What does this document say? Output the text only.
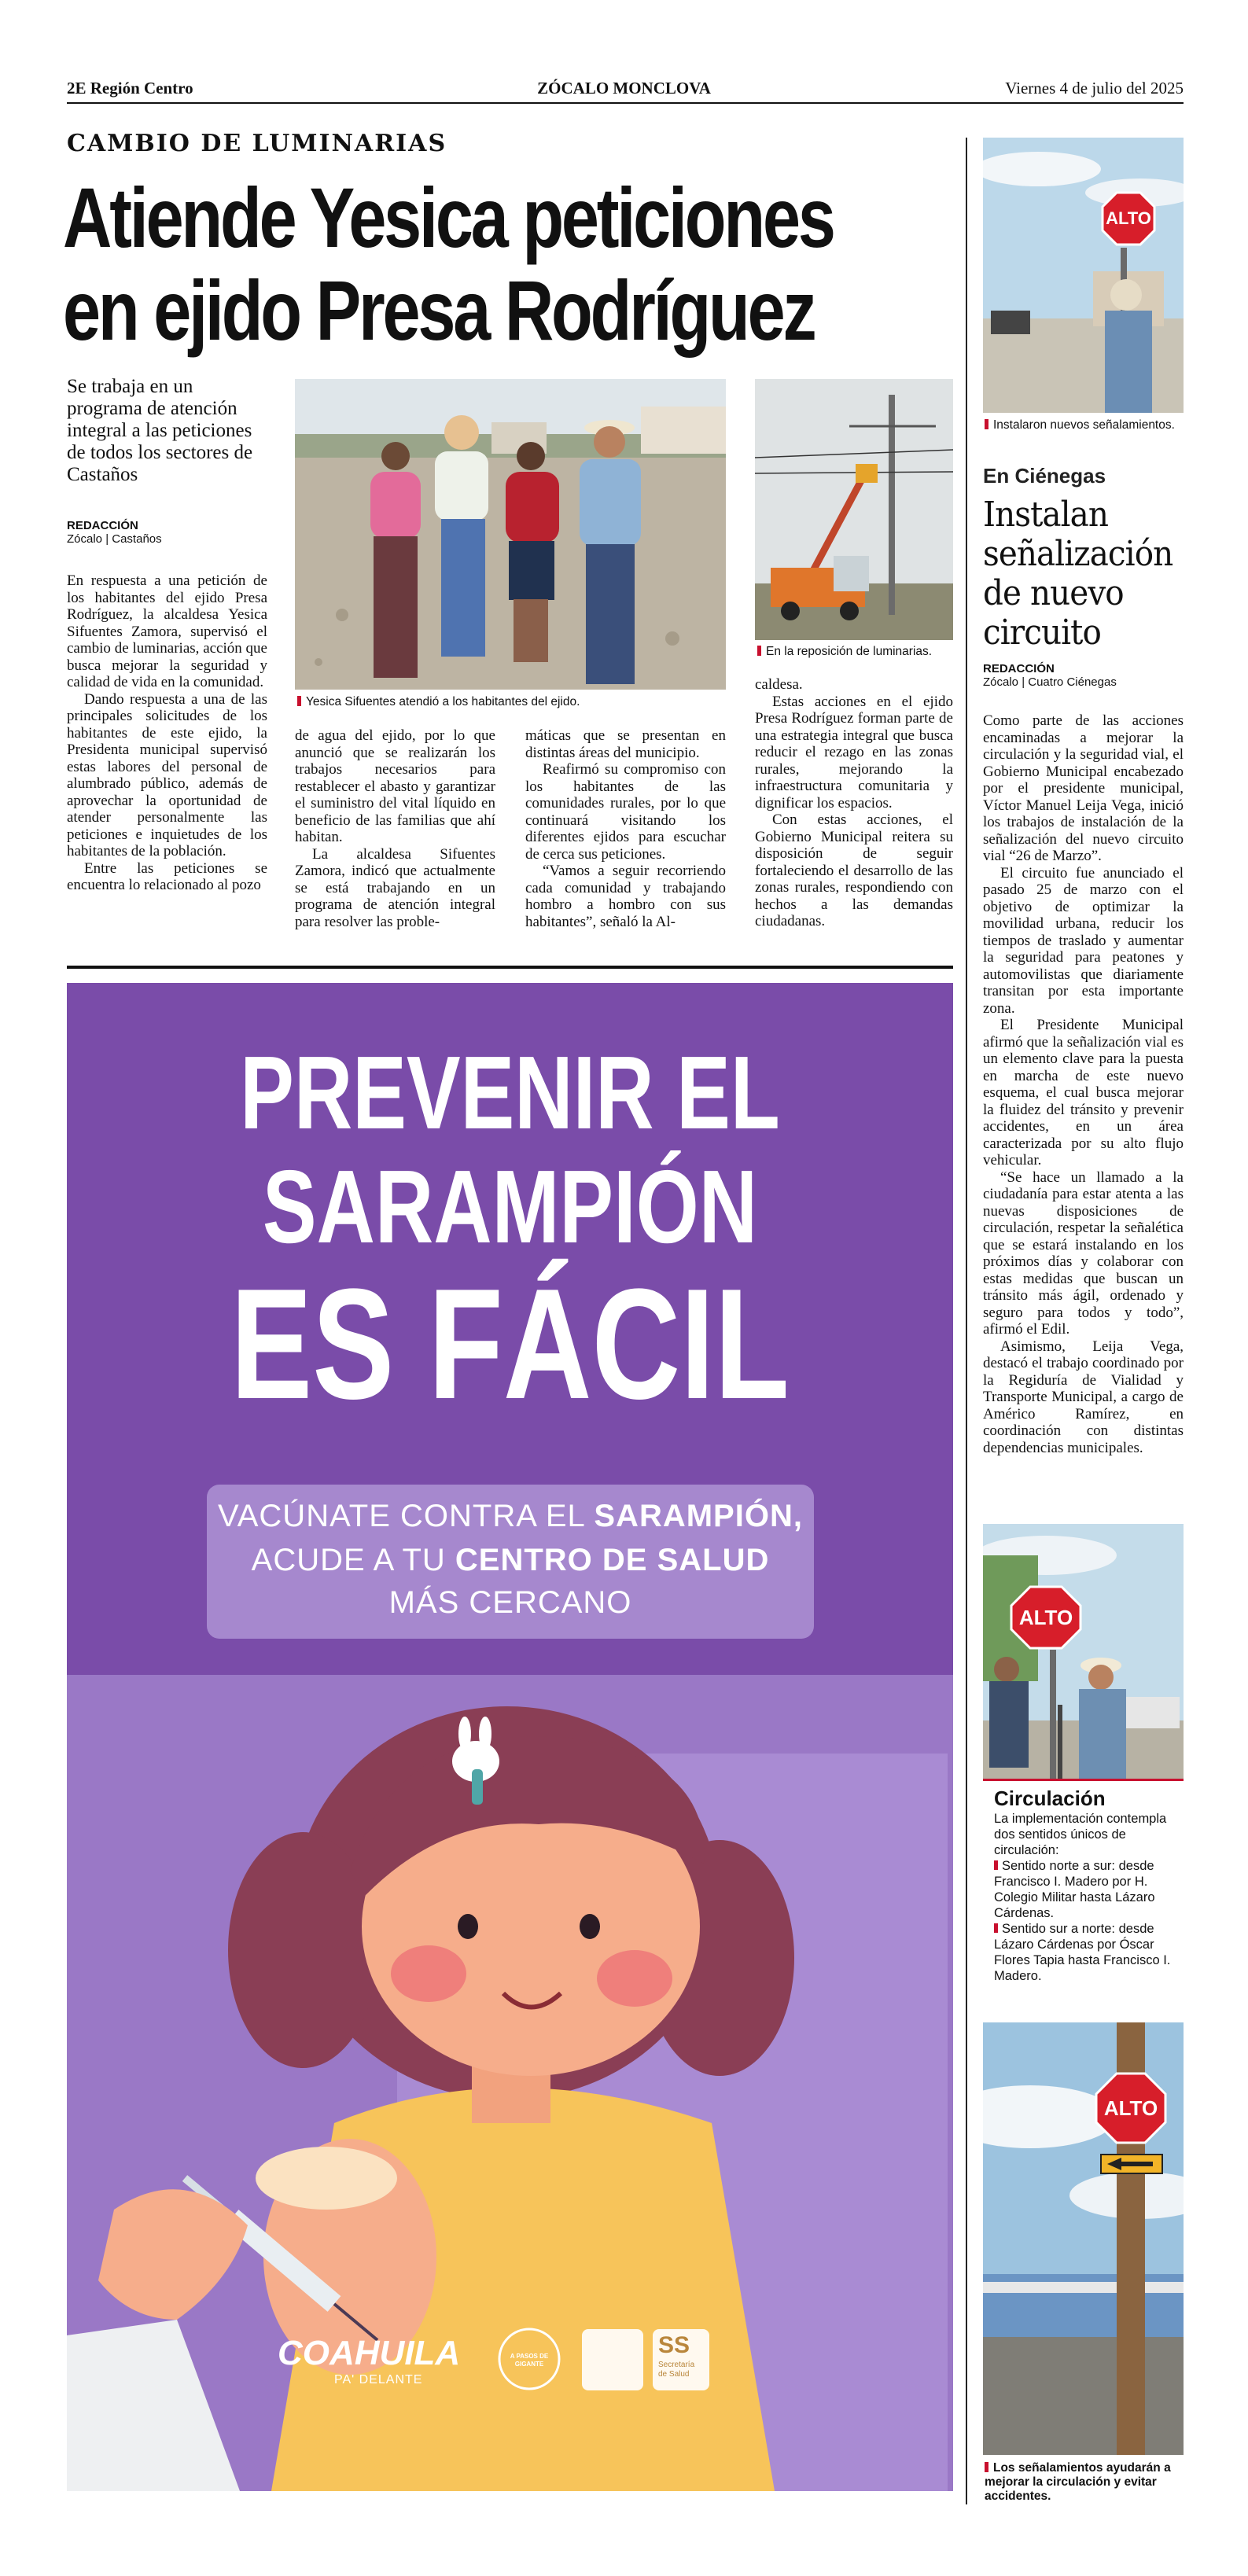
2E Región Centro	ZÓCALO MONCLOVA	Viernes 4 de julio del 2025
CAMBIO DE LUMINARIAS
Atiende Yesica peticiones
en ejido Presa Rodríguez
Se trabaja en un programa de atención integral a las peticiones de todos los sectores de Castaños
REDACCIÓN
Zócalo | Castaños
Yesica Sifuentes atendió a los habitantes del ejido.
En la reposición de luminarias.

En respuesta a una petición de los habitantes del ejido Presa Rodríguez, la alcaldesa Yesica Sifuentes Zamora, supervisó el cambio de luminarias, acción que busca mejorar la seguridad y calidad de vida en la comunidad.

Dando respuesta a una de las principales solicitudes de los habitantes de este ejido, la Presidenta municipal supervisó estas labores del personal de alumbrado público, además de aprovechar la oportunidad de atender personalmente las peticiones e inquietudes de los habitantes de la población.

Entre las peticiones se encuentra lo relacionado al pozo

de agua del ejido, por lo que anunció que se realizarán los trabajos necesarios para restablecer el abasto y garantizar el suministro del vital líquido en beneficio de las familias que ahí habitan.

La alcaldesa Sifuentes Zamora, indicó que actualmente se está trabajando en un programa de atención integral para resolver las proble-

máticas que se presentan en distintas áreas del municipio.

Reafirmó su compromiso con los habitantes de las comunidades rurales, por lo que continuará visitando los diferentes ejidos para escuchar de cerca sus peticiones.

“Vamos a seguir recorriendo cada comunidad y trabajando hombro a hombro con sus habitantes”, señaló la Al-

caldesa.

Estas acciones en el ejido Presa Rodríguez forman parte de una estrategia integral que busca reducir el rezago en las zonas rurales, mejorando la infraestructura comunitaria y dignificar los espacios.

Con estas acciones, el Gobierno Municipal reitera su disposición de seguir fortaleciendo el desarrollo de las zonas rurales, respondiendo con hechos a las demandas ciudadanas.

PREVENIR EL
SARAMPIÓN
ES FÁCIL
VACÚNATE CONTRA EL SARAMPIÓN,
ACUDE A TU CENTRO DE SALUD
MÁS CERCANO
COAHUILA
PA' DELANTE
A PASOS DE GIGANTE
SS
Secretaría de Salud
ALTO
Instalaron nuevos señalamientos.
En Ciénegas
Instalan señalización de nuevo circuito
REDACCIÓN
Zócalo | Cuatro Ciénegas

Como parte de las acciones encaminadas a mejorar la circulación y la seguridad vial, el Gobierno Municipal encabezado por el presidente municipal, Víctor Manuel Leija Vega, inició los trabajos de instalación de la señalización del nuevo circuito vial “26 de Marzo”.

El circuito fue anunciado el pasado 25 de marzo con el objetivo de optimizar la movilidad urbana, reducir los tiempos de traslado y aumentar la seguridad para peatones y automovilistas que diariamente transitan por esta importante zona.

El Presidente Municipal afirmó que la señalización vial es un elemento clave para la puesta en marcha de este nuevo esquema, el cual busca mejorar la fluidez del tránsito y prevenir accidentes, en un área caracterizada por su alto flujo vehicular.

“Se hace un llamado a la ciudadanía para estar atenta a las nuevas disposiciones de circulación, respetar la señalética que se estará instalando en los próximos días y colaborar con estas medidas que buscan un tránsito más ágil, ordenado y seguro para todos y todo”, afirmó el Edil.

Asimismo, Leija Vega, destacó el trabajo coordinado por la Regiduría de Vialidad y Transporte Municipal, a cargo de Américo Ramírez, en coordinación con distintas dependencias municipales.

ALTO
Circulación
La implementación contempla dos sentidos únicos de circulación:
Sentido norte a sur: desde Francisco I. Madero por H. Colegio Militar hasta Lázaro Cárdenas.
Sentido sur a norte: desde Lázaro Cárdenas por Óscar Flores Tapia hasta Francisco I. Madero.
ALTO
Los señalamientos ayudarán a mejorar la circulación y evitar accidentes.
